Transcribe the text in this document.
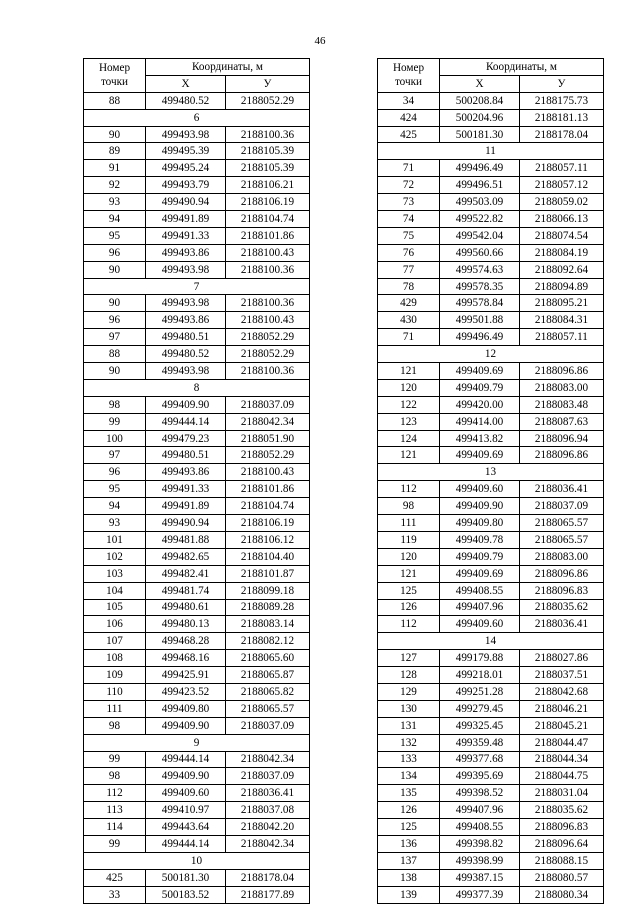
46
Номер
точки	Координаты, м	
	X	У
88	499480.52	2188052.29
6		
90	499493.98	2188100.36
89	499495.39	2188105.39
91	499495.24	2188105.39
92	499493.79	2188106.21
93	499490.94	2188106.19
94	499491.89	2188104.74
95	499491.33	2188101.86
96	499493.86	2188100.43
90	499493.98	2188100.36
7		
90	499493.98	2188100.36
96	499493.86	2188100.43
97	499480.51	2188052.29
88	499480.52	2188052.29
90	499493.98	2188100.36
8		
98	499409.90	2188037.09
99	499444.14	2188042.34
100	499479.23	2188051.90
97	499480.51	2188052.29
96	499493.86	2188100.43
95	499491.33	2188101.86
94	499491.89	2188104.74
93	499490.94	2188106.19
101	499481.88	2188106.12
102	499482.65	2188104.40
103	499482.41	2188101.87
104	499481.74	2188099.18
105	499480.61	2188089.28
106	499480.13	2188083.14
107	499468.28	2188082.12
108	499468.16	2188065.60
109	499425.91	2188065.87
110	499423.52	2188065.82
111	499409.80	2188065.57
98	499409.90	2188037.09
9		
99	499444.14	2188042.34
98	499409.90	2188037.09
112	499409.60	2188036.41
113	499410.97	2188037.08
114	499443.64	2188042.20
99	499444.14	2188042.34
10		
425	500181.30	2188178.04
33	500183.52	2188177.89
Номер
точки	Координаты, м	
	X	У
34	500208.84	2188175.73
424	500204.96	2188181.13
425	500181.30	2188178.04
11		
71	499496.49	2188057.11
72	499496.51	2188057.12
73	499503.09	2188059.02
74	499522.82	2188066.13
75	499542.04	2188074.54
76	499560.66	2188084.19
77	499574.63	2188092.64
78	499578.35	2188094.89
429	499578.84	2188095.21
430	499501.88	2188084.31
71	499496.49	2188057.11
12		
121	499409.69	2188096.86
120	499409.79	2188083.00
122	499420.00	2188083.48
123	499414.00	2188087.63
124	499413.82	2188096.94
121	499409.69	2188096.86
13		
112	499409.60	2188036.41
98	499409.90	2188037.09
111	499409.80	2188065.57
119	499409.78	2188065.57
120	499409.79	2188083.00
121	499409.69	2188096.86
125	499408.55	2188096.83
126	499407.96	2188035.62
112	499409.60	2188036.41
14		
127	499179.88	2188027.86
128	499218.01	2188037.51
129	499251.28	2188042.68
130	499279.45	2188046.21
131	499325.45	2188045.21
132	499359.48	2188044.47
133	499377.68	2188044.34
134	499395.69	2188044.75
135	499398.52	2188031.04
126	499407.96	2188035.62
125	499408.55	2188096.83
136	499398.82	2188096.64
137	499398.99	2188088.15
138	499387.15	2188080.57
139	499377.39	2188080.34
